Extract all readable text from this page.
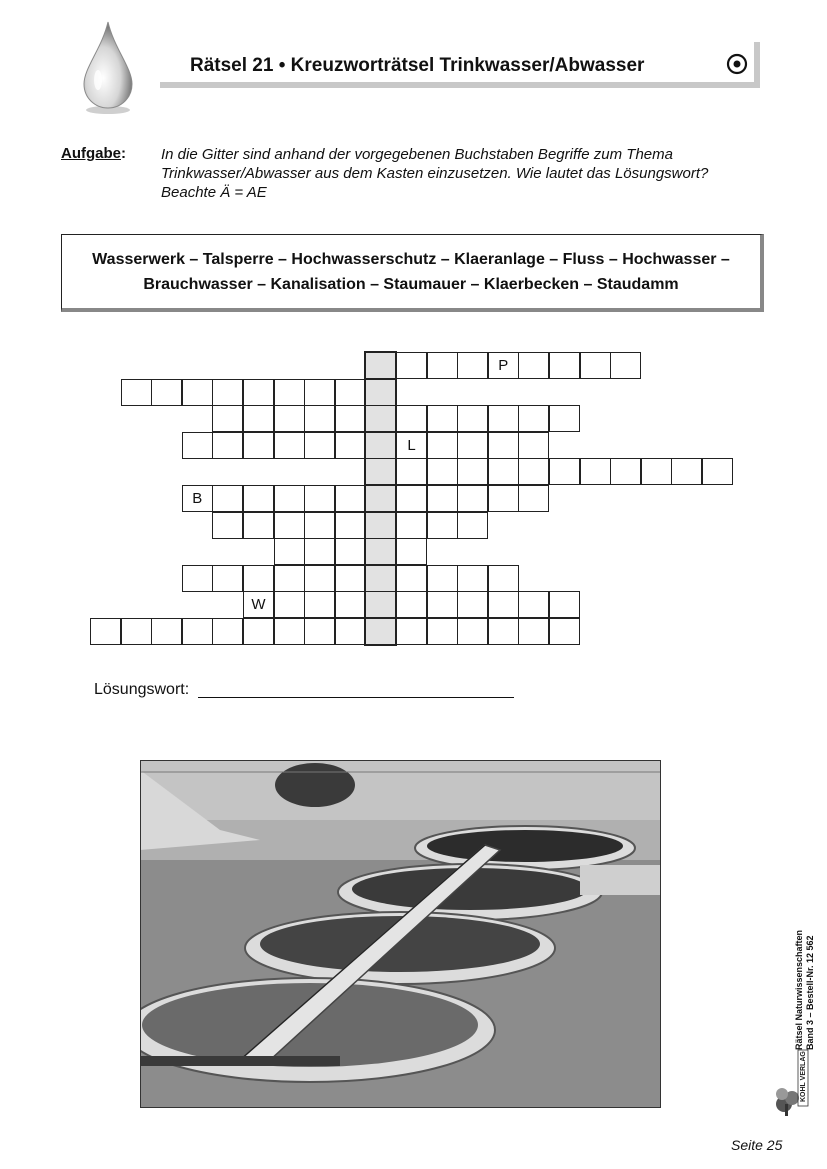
Rätsel 21 • Kreuzworträtsel Trinkwasser/Abwasser
Aufgabe: In die Gitter sind anhand der vorgegebenen Buchstaben Begriffe zum Thema Trinkwasser/Abwasser aus dem Kasten einzusetzen. Wie lautet das Lösungswort? Beachte Ä = AE
Wasserwerk – Talsperre – Hochwasserschutz – Klaeranlage – Fluss – Hochwasser –
Brauchwasser – Kanalisation – Staumauer – Klaerbecken – Staudamm
P
L
B
W
Lösungswort:
Rätsel Naturwissenschaften Band 3 – Bestell-Nr. 12 562
KOHL VERLAG
Seite 25
